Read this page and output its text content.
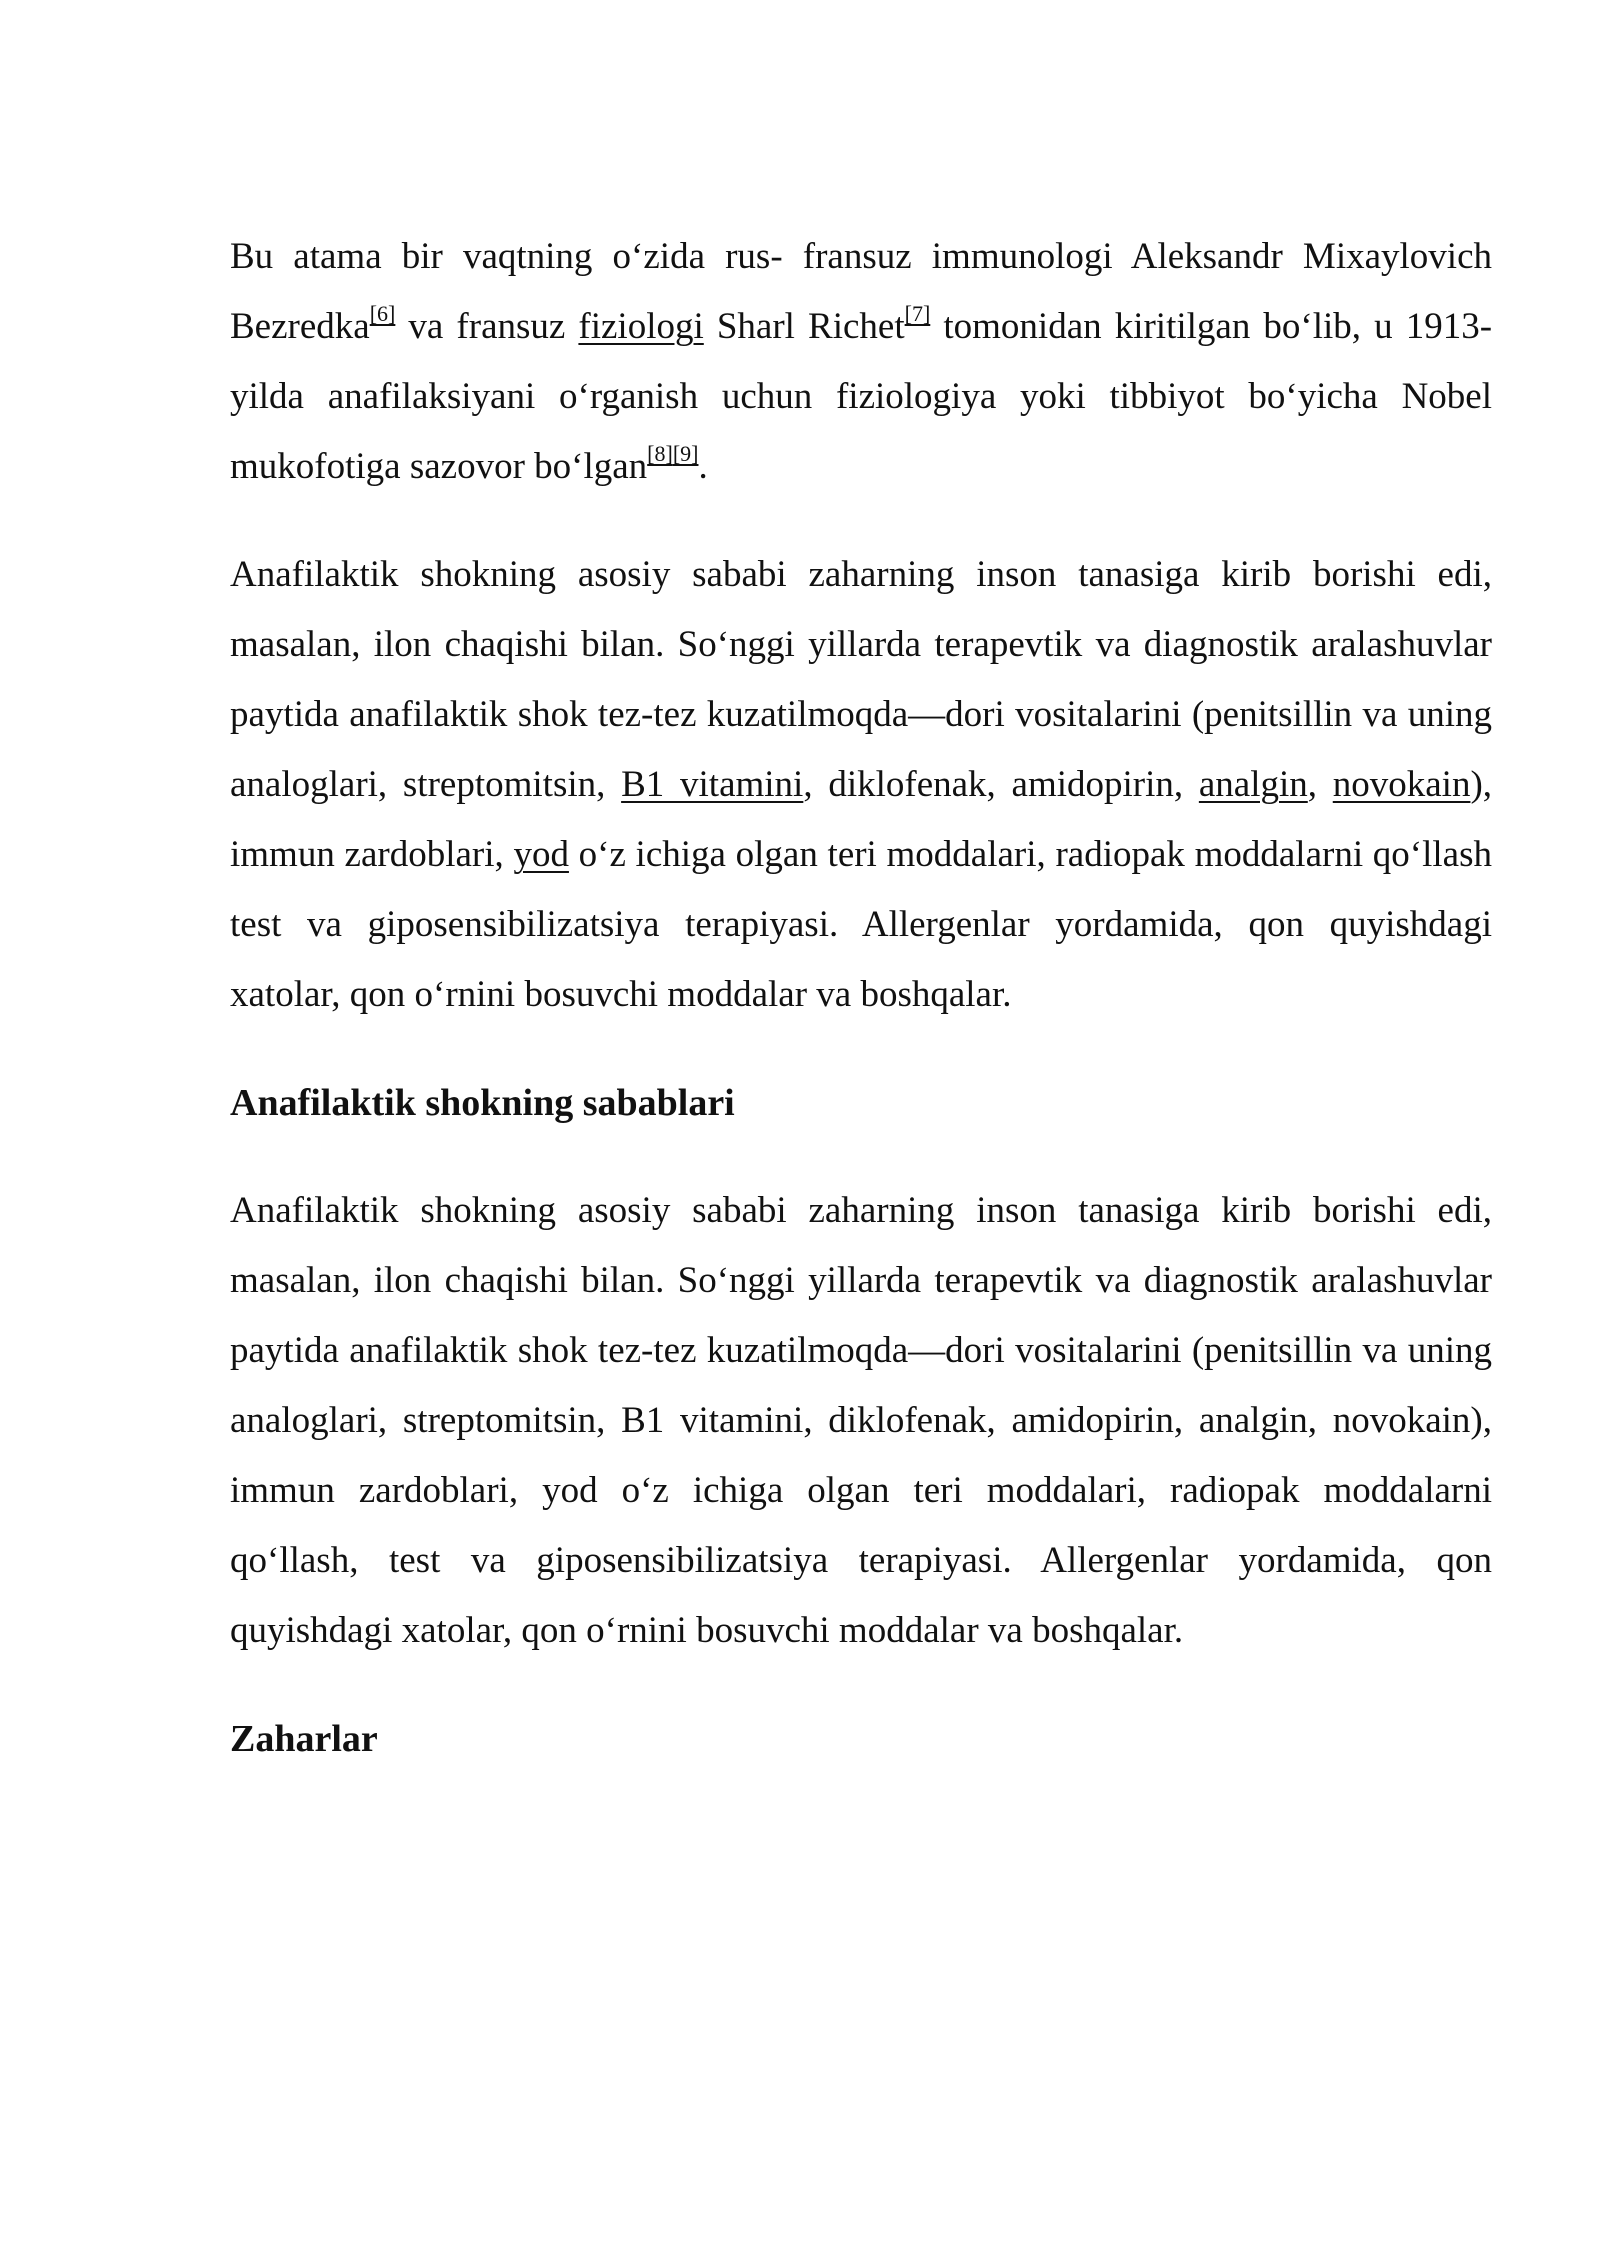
Bu atama bir vaqtning o‘zida rus- fransuz immunologi Aleksandr Mixaylovich Bezredka[6] va fransuz fiziologi Sharl Richet[7] tomonidan kiritilgan bo‘lib, u 1913-yilda anafilaksiyani o‘rganish uchun fiziologiya yoki tibbiyot bo‘yicha Nobel mukofotiga sazovor bo‘lgan[8][9].

Anafilaktik shokning asosiy sababi zaharning inson tanasiga kirib borishi edi, masalan, ilon chaqishi bilan. So‘nggi yillarda terapevtik va diagnostik aralashuvlar paytida anafilaktik shok tez-tez kuzatilmoqda—dori vositalarini (penitsillin va uning analoglari, streptomitsin, B1 vitamini, diklofenak, amidopirin, analgin, novokain), immun zardoblari, yod o‘z ichiga olgan teri moddalari, radiopak moddalarni qo‘llash test va giposensibilizatsiya terapiyasi. Allergenlar yordamida, qon quyishdagi xatolar, qon o‘rnini bosuvchi moddalar va boshqalar.

Anafilaktik shokning sabablari

Anafilaktik shokning asosiy sababi zaharning inson tanasiga kirib borishi edi, masalan, ilon chaqishi bilan. So‘nggi yillarda terapevtik va diagnostik aralashuvlar paytida anafilaktik shok tez-tez kuzatilmoqda—dori vositalarini (penitsillin va uning analoglari, streptomitsin, B1 vitamini, diklofenak, amidopirin, analgin, novokain), immun zardoblari, yod o‘z ichiga olgan teri moddalari, radiopak moddalarni qo‘llash, test va giposensibilizatsiya terapiyasi. Allergenlar yordamida, qon quyishdagi xatolar, qon o‘rnini bosuvchi moddalar va boshqalar.

Zaharlar
